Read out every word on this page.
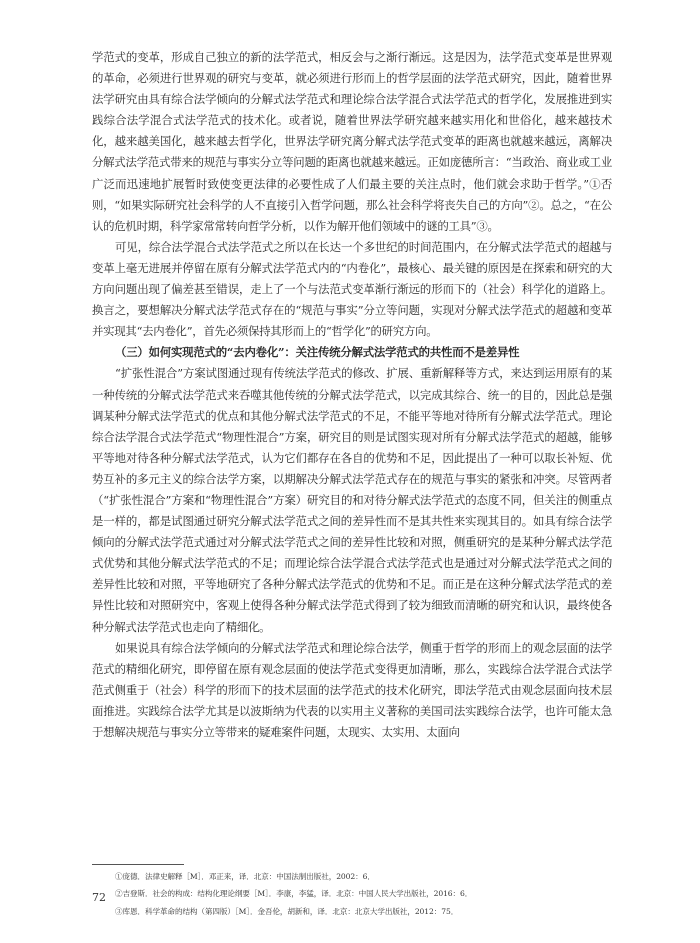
学范式的变革，形成自己独立的新的法学范式，相反会与之渐行渐远。这是因为，法学范式变革是世界观的革命，必须进行世界观的研究与变革，就必须进行形而上的哲学层面的法学范式研究，因此，随着世界法学研究由具有综合法学倾向的分解式法学范式和理论综合法学混合式法学范式的哲学化，发展推进到实践综合法学混合式法学范式的技术化。或者说，随着世界法学研究越来越实用化和世俗化，越来越技术化，越来越美国化，越来越去哲学化，世界法学研究离分解式法学范式变革的距离也就越来越远，离解决分解式法学范式带来的规范与事实分立等问题的距离也就越来越远。正如庞德所言：“当政治、商业或工业广泛而迅速地扩展暂时致使变更法律的必要性成了人们最主要的关注点时，他们就会求助于哲学。”①否则，“如果实际研究社会科学的人不直接引入哲学问题，那么社会科学将丧失自己的方向”②。总之，“在公认的危机时期，科学家常常转向哲学分析，以作为解开他们领域中的谜的工具”③。

可见，综合法学混合式法学范式之所以在长达一个多世纪的时间范围内，在分解式法学范式的超越与变革上毫无进展并停留在原有分解式法学范式内的“内卷化”，最核心、最关键的原因是在探索和研究的大方向问题出现了偏差甚至错误，走上了一个与法范式变革渐行渐远的形而下的（社会）科学化的道路上。换言之，要想解决分解式法学范式存在的“规范与事实”分立等问题，实现对分解式法学范式的超越和变革并实现其“去内卷化”，首先必须保持其形而上的“哲学化”的研究方向。

（三）如何实现范式的“去内卷化”：关注传统分解式法学范式的共性而不是差异性

“扩张性混合”方案试图通过现有传统法学范式的修改、扩展、重新解释等方式，来达到运用原有的某一种传统的分解式法学范式来吞噬其他传统的分解式法学范式，以完成其综合、统一的目的，因此总是强调某种分解式法学范式的优点和其他分解式法学范式的不足，不能平等地对待所有分解式法学范式。理论综合法学混合式法学范式“物理性混合”方案，研究目的则是试图实现对所有分解式法学范式的超越，能够平等地对待各种分解式法学范式，认为它们都存在各自的优势和不足，因此提出了一种可以取长补短、优势互补的多元主义的综合法学方案，以期解决分解式法学范式存在的规范与事实的紧张和冲突。尽管两者（“扩张性混合”方案和“物理性混合”方案）研究目的和对待分解式法学范式的态度不同，但关注的侧重点是一样的，都是试图通过研究分解式法学范式之间的差异性而不是其共性来实现其目的。如具有综合法学倾向的分解式法学范式通过对分解式法学范式之间的差异性比较和对照，侧重研究的是某种分解式法学范式优势和其他分解式法学范式的不足；而理论综合法学混合式法学范式也是通过对分解式法学范式之间的差异性比较和对照，平等地研究了各种分解式法学范式的优势和不足。而正是在这种分解式法学范式的差异性比较和对照研究中，客观上使得各种分解式法学范式得到了较为细致而清晰的研究和认识，最终使各种分解式法学范式也走向了精细化。

如果说具有综合法学倾向的分解式法学范式和理论综合法学，侧重于哲学的形而上的观念层面的法学范式的精细化研究，即停留在原有观念层面的使法学范式变得更加清晰，那么，实践综合法学混合式法学范式侧重于（社会）科学的形而下的技术层面的法学范式的技术化研究，即法学范式由观念层面向技术层面推进。实践综合法学尤其是以波斯纳为代表的以实用主义著称的美国司法实践综合法学，也许可能太急于想解决规范与事实分立等带来的疑难案件问题，太现实、太实用、太面向

①庞德．法律史解释［M］．邓正来，译．北京：中国法制出版社，2002：6．

②吉登斯．社会的构成：结构化理论纲要［M］．李康，李猛，译．北京：中国人民大学出版社，2016：6．

③库恩．科学革命的结构（第四版）［M］．金吾伦，胡新和，译．北京：北京大学出版社，2012：75．

72
